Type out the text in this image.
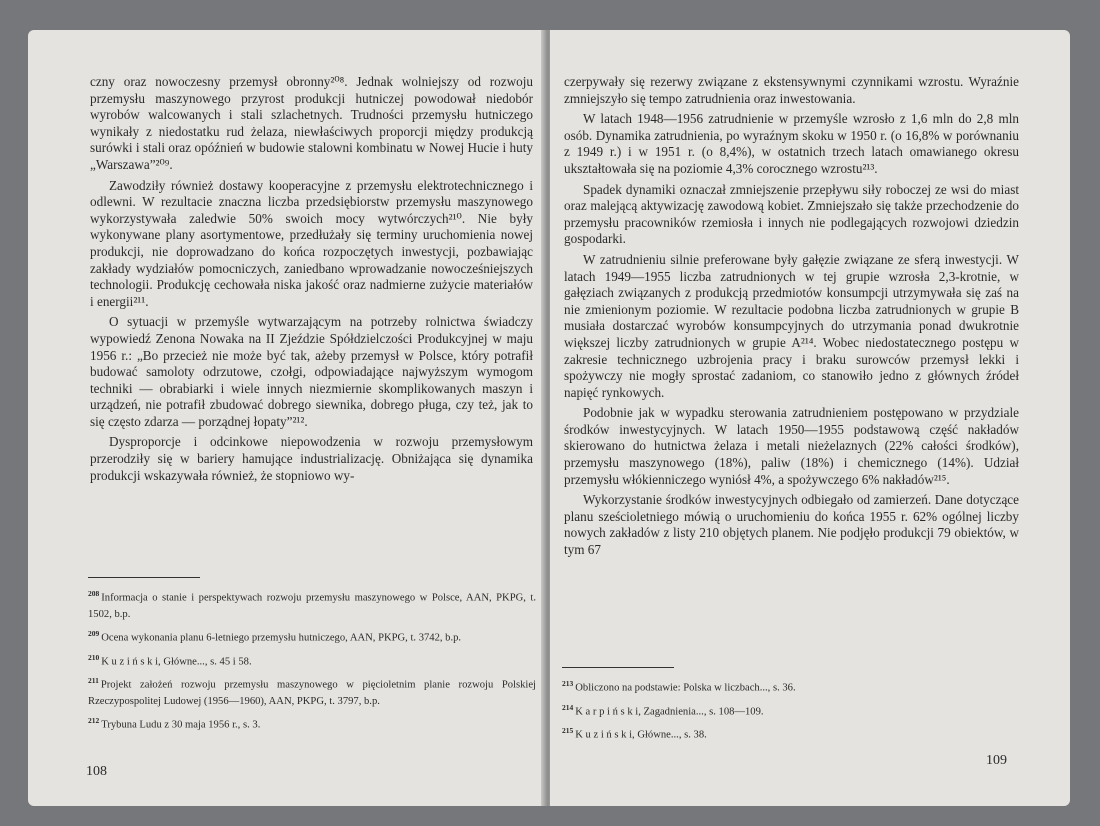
czny oraz nowoczesny przemysł obronny²⁰⁸. Jednak wolniejszy od rozwoju przemysłu maszynowego przyrost produkcji hutniczej powodował niedobór wyrobów walcowanych i stali szlachetnych. Trudności przemysłu hutniczego wynikały z niedostatku rud żelaza, niewłaściwych proporcji między produkcją surówki i stali oraz opóźnień w budowie stalowni kombinatu w Nowej Hucie i huty „Warszawa”²⁰⁹.

Zawodziły również dostawy kooperacyjne z przemysłu elektrotechnicznego i odlewni. W rezultacie znaczna liczba przedsiębiorstw przemysłu maszynowego wykorzystywała zaledwie 50% swoich mocy wytwórczych²¹⁰. Nie były wykonywane plany asortymentowe, przedłużały się terminy uruchomienia nowej produkcji, nie doprowadzano do końca rozpoczętych inwestycji, pozbawiając zakłady wydziałów pomocniczych, zaniedbano wprowadzanie nowocześniejszych technologii. Produkcję cechowała niska jakość oraz nadmierne zużycie materiałów i energii²¹¹.

O sytuacji w przemyśle wytwarzającym na potrzeby rolnictwa świadczy wypowiedź Zenona Nowaka na II Zjeździe Spółdzielczości Produkcyjnej w maju 1956 r.: „Bo przecież nie może być tak, ażeby przemysł w Polsce, który potrafił budować samoloty odrzutowe, czołgi, odpowiadające najwyższym wymogom techniki — obrabiarki i wiele innych niezmiernie skomplikowanych maszyn i urządzeń, nie potrafił zbudować dobrego siewnika, dobrego pługa, czy też, jak to się często zdarza — porządnej łopaty”²¹².

Dysproporcje i odcinkowe niepowodzenia w rozwoju przemysłowym przerodziły się w bariery hamujące industrializację. Obniżająca się dynamika produkcji wskazywała również, że stopniowo wy-

$^{208}$ Informacja o stanie i perspektywach rozwoju przemysłu maszynowego w Polsce, AAN, PKPG, t. 1502, b.p.
$^{209}$ Ocena wykonania planu 6-letniego przemysłu hutniczego, AAN, PKPG, t. 3742, b.p.
$^{210}$ K u z i ń s k i, Główne..., s. 45 i 58.
$^{211}$ Projekt założeń rozwoju przemysłu maszynowego w pięcioletnim planie rozwoju Polskiej Rzeczypospolitej Ludowej (1956—1960), AAN, PKPG, t. 3797, b.p.
$^{212}$ Trybuna Ludu z 30 maja 1956 r., s. 3.
108

czerpywały się rezerwy związane z ekstensywnymi czynnikami wzrostu. Wyraźnie zmniejszyło się tempo zatrudnienia oraz inwestowania.

W latach 1948—1956 zatrudnienie w przemyśle wzrosło z 1,6 mln do 2,8 mln osób. Dynamika zatrudnienia, po wyraźnym skoku w 1950 r. (o 16,8% w porównaniu z 1949 r.) i w 1951 r. (o 8,4%), w ostatnich trzech latach omawianego okresu ukształtowała się na poziomie 4,3% corocznego wzrostu²¹³.

Spadek dynamiki oznaczał zmniejszenie przepływu siły roboczej ze wsi do miast oraz malejącą aktywizację zawodową kobiet. Zmniejszało się także przechodzenie do przemysłu pracowników rzemiosła i innych nie podlegających rozwojowi dziedzin gospodarki.

W zatrudnieniu silnie preferowane były gałęzie związane ze sferą inwestycji. W latach 1949—1955 liczba zatrudnionych w tej grupie wzrosła 2,3-krotnie, w gałęziach związanych z produkcją przedmiotów konsumpcji utrzymywała się zaś na nie zmienionym poziomie. W rezultacie podobna liczba zatrudnionych w grupie B musiała dostarczać wyrobów konsumpcyjnych do utrzymania ponad dwukrotnie większej liczby zatrudnionych w grupie A²¹⁴. Wobec niedostatecznego postępu w zakresie technicznego uzbrojenia pracy i braku surowców przemysł lekki i spożywczy nie mogły sprostać zadaniom, co stanowiło jedno z głównych źródeł napięć rynkowych.

Podobnie jak w wypadku sterowania zatrudnieniem postępowano w przydziale środków inwestycyjnych. W latach 1950—1955 podstawową część nakładów skierowano do hutnictwa żelaza i metali nieżelaznych (22% całości środków), przemysłu maszynowego (18%), paliw (18%) i chemicznego (14%). Udział przemysłu włókienniczego wyniósł 4%, a spożywczego 6% nakładów²¹⁵.

Wykorzystanie środków inwestycyjnych odbiegało od zamierzeń. Dane dotyczące planu sześcioletniego mówią o uruchomieniu do końca 1955 r. 62% ogólnej liczby nowych zakładów z listy 210 objętych planem. Nie podjęło produkcji 79 obiektów, w tym 67

$^{213}$ Obliczono na podstawie: Polska w liczbach..., s. 36.
$^{214}$ K a r p i ń s k i, Zagadnienia..., s. 108—109.
$^{215}$ K u z i ń s k i, Główne..., s. 38.
109
